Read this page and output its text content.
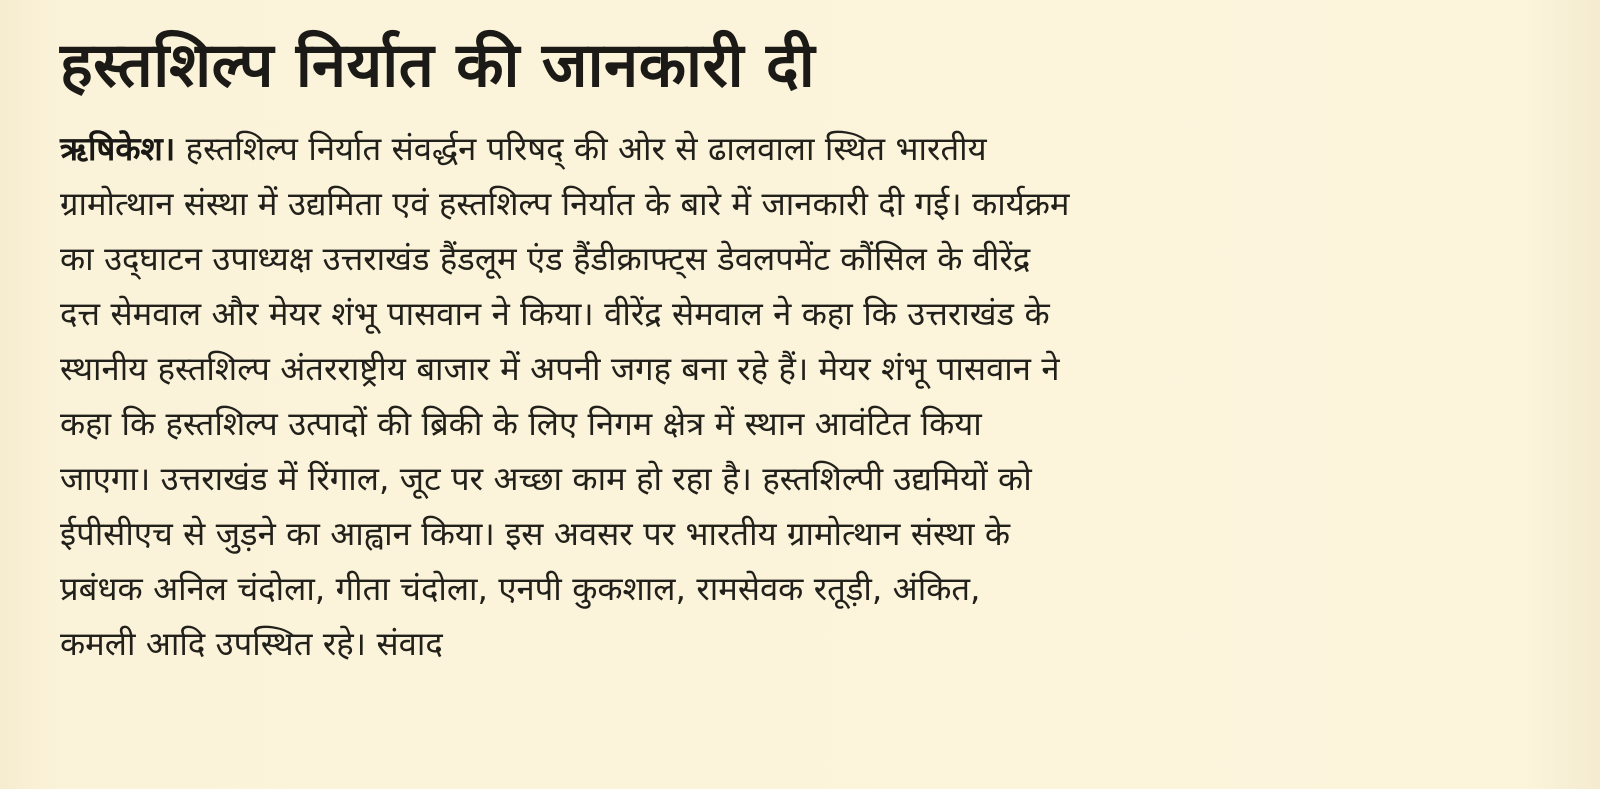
हस्तशिल्प निर्यात की जानकारी दी
ऋषिकेश। हस्तशिल्प निर्यात संवर्द्धन परिषद् की ओर से ढालवाला स्थित भारतीय
ग्रामोत्थान संस्था में उद्यमिता एवं हस्तशिल्प निर्यात के बारे में जानकारी दी गई। कार्यक्रम
का उद्‌घाटन उपाध्यक्ष उत्तराखंड हैंडलूम एंड हैंडीक्राफ्ट्स डेवलपमेंट कौंसिल के वीरेंद्र
दत्त सेमवाल और मेयर शंभू पासवान ने किया। वीरेंद्र सेमवाल ने कहा कि उत्तराखंड के
स्थानीय हस्तशिल्प अंतरराष्ट्रीय बाजार में अपनी जगह बना रहे हैं। मेयर शंभू पासवान ने
कहा कि हस्तशिल्प उत्पादों की ब्रिकी के लिए निगम क्षेत्र में स्थान आवंटित किया
जाएगा। उत्तराखंड में रिंगाल, जूट पर अच्छा काम हो रहा है। हस्तशिल्पी उद्यमियों को
ईपीसीएच से जुड़ने का आह्वान किया। इस अवसर पर भारतीय ग्रामोत्थान संस्था के
प्रबंधक अनिल चंदोला, गीता चंदोला, एनपी कुकशाल, रामसेवक रतूड़ी, अंकित,
कमली आदि उपस्थित रहे। संवाद
